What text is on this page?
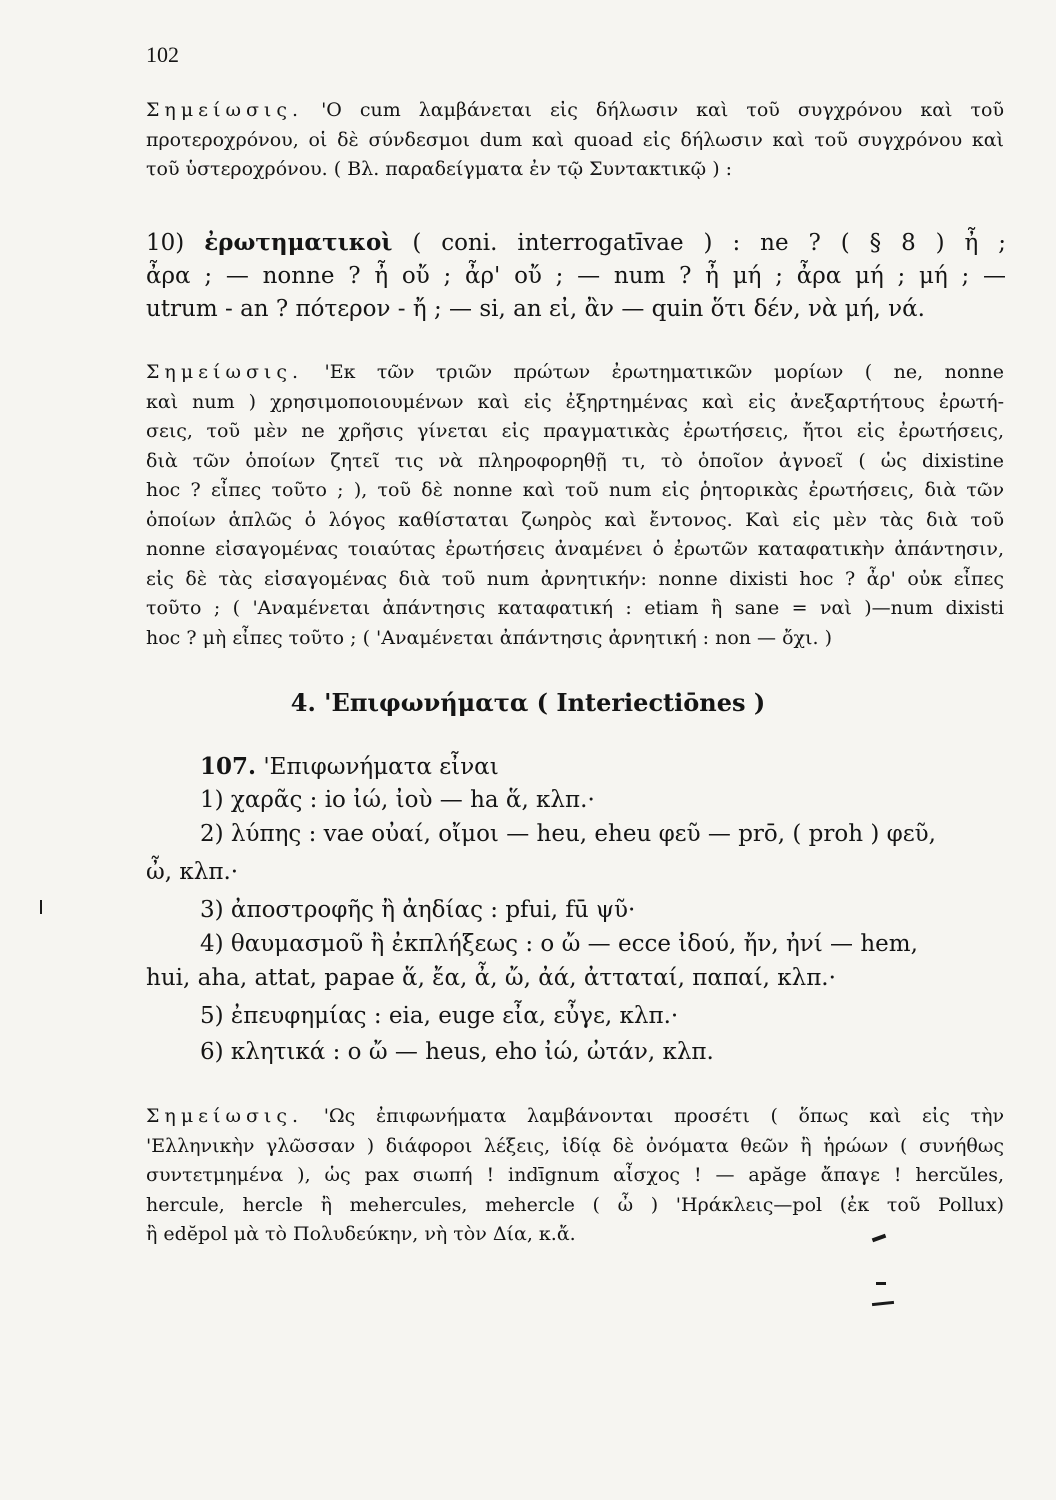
102
Σημείωσις. 'Ο cum λαμβάνεται εἰς δήλωσιν καὶ τοῦ συγχρόνου καὶ τοῦ
προτεροχρόνου, οἱ δὲ σύνδεσμοι dum καὶ quoad εἰς δήλωσιν καὶ τοῦ συγχρόνου καὶ
τοῦ ὑστεροχρόνου. ( Βλ. παραδείγματα ἐν τῷ Συντακτικῷ ) :
10) ἐρωτηματικοὶ ( coni. interrogatīvae ) : ne ? ( § 8 ) ἦ ;
ἆρα ; — nonne ? ἦ οὔ ; ἆρ' οὔ ; — num ? ἦ μή ; ἆρα μή ; μή ; —
utrum - an ? πότερον - ἤ ; — si, an εἰ, ἂν — quin ὅτι δέν, νὰ μή, νά.
Σημείωσις. 'Εκ τῶν τριῶν πρώτων ἐρωτηματικῶν μορίων ( ne, nonne
καὶ num ) χρησιμοποιουμένων καὶ εἰς ἐξηρτημένας καὶ εἰς ἀνεξαρτήτους ἐρωτή-
σεις, τοῦ μὲν ne χρῆσις γίνεται εἰς πραγματικὰς ἐρωτήσεις, ἤτοι εἰς ἐρωτήσεις,
διὰ τῶν ὁποίων ζητεῖ τις νὰ πληροφορηθῇ τι, τὸ ὁποῖον ἀγνοεῖ ( ὡς dixistine
hoc ? εἶπες τοῦτο ; ), τοῦ δὲ nonne καὶ τοῦ num εἰς ῥητορικὰς ἐρωτήσεις, διὰ τῶν
ὁποίων ἁπλῶς ὁ λόγος καθίσταται ζωηρὸς καὶ ἔντονος. Καὶ εἰς μὲν τὰς διὰ τοῦ
nonne εἰσαγομένας τοιαύτας ἐρωτήσεις ἀναμένει ὁ ἐρωτῶν καταφατικὴν ἀπάντησιν,
εἰς δὲ τὰς εἰσαγομένας διὰ τοῦ num ἀρνητικήν: nonne dixisti hoc ? ἆρ' οὐκ εἶπες
τοῦτο ; ( 'Αναμένεται ἀπάντησις καταφατική : etiam ἢ sane = ναὶ )—num dixisti
hoc ? μὴ εἶπες τοῦτο ; ( 'Αναμένεται ἀπάντησις ἀρνητική : non — ὄχι. )
4. 'Επιφωνήματα ( Interiectiōnes )
107. 'Επιφωνήματα εἶναι
1) χαρᾶς : io ἰώ, ἰοὺ — ha ἅ, κλπ.·
2) λύπης : vae οὐαί, οἴμοι — heu, eheu φεῦ — prō, ( proh ) φεῦ,
ὦ, κλπ.·
3) ἀποστροφῆς ἢ ἀηδίας : pfui, fū ψῦ·
4) θαυμασμοῦ ἢ ἐκπλήξεως : o ὤ — ecce ἰδού, ἤν, ἠνί — hem,
hui, aha, attat, papae ἅ, ἔα, ἆ, ὤ, ἀά, ἀτταταί, παπαί, κλπ.·
5) ἐπευφημίας : eia, euge εἶα, εὖγε, κλπ.·
6) κλητικά : o ὤ — heus, eho ἰώ, ὠτάν, κλπ.
Σημείωσις. 'Ως ἐπιφωνήματα λαμβάνονται προσέτι ( ὅπως καὶ εἰς τὴν
'Ελληνικὴν γλῶσσαν ) διάφοροι λέξεις, ἰδίᾳ δὲ ὀνόματα θεῶν ἢ ἡρώων ( συνήθως
συντετμημένα ), ὡς pax σιωπή ! indīgnum αἶσχος ! — apăge ἄπαγε ! hercŭles,
hercule, hercle ἢ mehercules, mehercle ( ὦ ) 'Ηράκλεις—pol (ἐκ τοῦ Pollux)
ἢ edĕpol μὰ τὸ Πολυδεύκην, νὴ τὸν Δία, κ.ἄ.
